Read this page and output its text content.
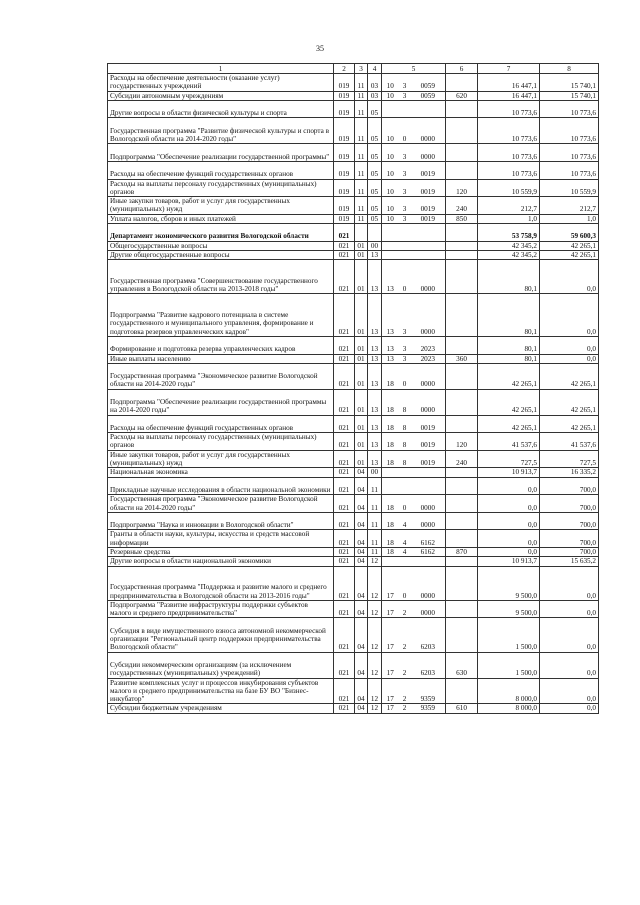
35
1	2	3	4	5			6	7	8
Расходы на обеспечение деятельности (оказание услуг) государственных учреждений	019	11	03	10	3	0059		16 447,1	15 740,1
Субсидии автономным учреждениям	019	11	03	10	3	0059	620	16 447,1	15 740,1
Другие вопросы в области физической культуры и спорта	019	11	05					10 773,6	10 773,6
Государственная программа "Развитие физической культуры и спорта в Вологодской области на 2014-2020 годы"	019	11	05	10	0	0000		10 773,6	10 773,6
Подпрограмма "Обеспечение реализации государственной программы"	019	11	05	10	3	0000		10 773,6	10 773,6
Расходы на обеспечение функций государственных органов	019	11	05	10	3	0019		10 773,6	10 773,6
Расходы на выплаты персоналу государственных (муниципальных) органов	019	11	05	10	3	0019	120	10 559,9	10 559,9
Иные закупки товаров, работ и услуг для государственных (муниципальных) нужд	019	11	05	10	3	0019	240	212,7	212,7
Уплата налогов, сборов и иных платежей	019	11	05	10	3	0019	850	1,0	1,0
Департамент экономического развития Вологодской области	021							53 758,9	59 600,3
Общегосударственные вопросы	021	01	00					42 345,2	42 265,1
Другие общегосударственные вопросы	021	01	13					42 345,2	42 265,1
Государственная программа "Совершенствование государственного управления в Вологодской области на 2013-2018 годы"	021	01	13	13	0	0000		80,1	0,0
Подпрограмма "Развитие кадрового потенциала в системе государственного и муниципального управления, формирование и подготовка резервов управленческих кадров"	021	01	13	13	3	0000		80,1	0,0
Формирование и подготовка резерва управленческих кадров	021	01	13	13	3	2023		80,1	0,0
Иные выплаты населению	021	01	13	13	3	2023	360	80,1	0,0
Государственная программа "Экономическое развитие Вологодской области на 2014-2020 годы"	021	01	13	18	0	0000		42 265,1	42 265,1
Подпрограмма "Обеспечение реализации государственной программы на 2014-2020 годы"	021	01	13	18	8	0000		42 265,1	42 265,1
Расходы на обеспечение функций государственных органов	021	01	13	18	8	0019		42 265,1	42 265,1
Расходы на выплаты персоналу государственных (муниципальных) органов	021	01	13	18	8	0019	120	41 537,6	41 537,6
Иные закупки товаров, работ и услуг для государственных (муниципальных) нужд	021	01	13	18	8	0019	240	727,5	727,5
Национальная экономика	021	04	00					10 913,7	16 335,2
Прикладные научные исследования в области национальной экономики	021	04	11					0,0	700,0
Государственная программа "Экономическое развитие Вологодской области на 2014-2020 годы"	021	04	11	18	0	0000		0,0	700,0
Подпрограмма "Наука и инновации в Вологодской области"	021	04	11	18	4	0000		0,0	700,0
Гранты в области науки, культуры, искусства и средств массовой информации	021	04	11	18	4	6162		0,0	700,0
Резервные средства	021	04	11	18	4	6162	870	0,0	700,0
Другие вопросы в области национальной экономики	021	04	12					10 913,7	15 635,2
Государственная программа "Поддержка и развитие малого и среднего предпринимательства в Вологодской области на 2013-2016 годы"	021	04	12	17	0	0000		9 500,0	0,0
Подпрограмма "Развитие инфраструктуры поддержки субъектов малого и среднего предпринимательства"	021	04	12	17	2	0000		9 500,0	0,0
Субсидия в виде имущественного взноса автономной некоммерческой организации "Региональный центр поддержки предпринимательства Вологодской области"	021	04	12	17	2	6203		1 500,0	0,0
Субсидии некоммерческим организациям (за исключением государственных (муниципальных) учреждений)	021	04	12	17	2	6203	630	1 500,0	0,0
Развитие комплексных услуг и процессов инкубирования субъектов малого и среднего предпринимательства на базе БУ ВО "Бизнес-инкубатор"	021	04	12	17	2	9359		8 000,0	0,0
Субсидии бюджетным учреждениям	021	04	12	17	2	9359	610	8 000,0	0,0
